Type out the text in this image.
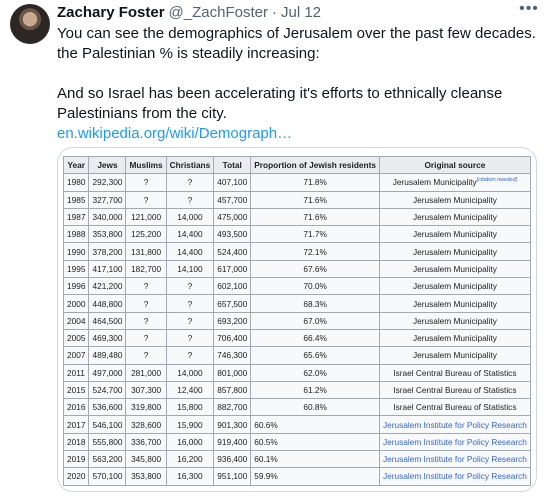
Zachary Foster @_ZachFoster · Jul 12	•••

You can see the demographics of Jerusalem over the past few decades.

the Palestinian % is steadily increasing:

And so Israel has been accelerating it's efforts to ethnically cleanse

Palestinians from the city.

en.wikipedia.org/wiki/Demograph…

Year	Jews	Muslims	Christians	Total	Proportion of Jewish residents	Original source
1980	292,300	?	?	407,100	71.8%	Jerusalem Municipality[citation needed]
1985	327,700	?	?	457,700	71.6%	Jerusalem Municipality
1987	340,000	121,000	14,000	475,000	71.6%	Jerusalem Municipality
1988	353,800	125,200	14,400	493,500	71.7%	Jerusalem Municipality
1990	378,200	131,800	14,400	524,400	72.1%	Jerusalem Municipality
1995	417,100	182,700	14,100	617,000	67.6%	Jerusalem Municipality
1996	421,200	?	?	602,100	70.0%	Jerusalem Municipality
2000	448,800	?	?	657,500	68.3%	Jerusalem Municipality
2004	464,500	?	?	693,200	67.0%	Jerusalem Municipality
2005	469,300	?	?	706,400	66.4%	Jerusalem Municipality
2007	489,480	?	?	746,300	65.6%	Jerusalem Municipality
2011	497,000	281,000	14,000	801,000	62.0%	Israel Central Bureau of Statistics
2015	524,700	307,300	12,400	857,800	61.2%	Israel Central Bureau of Statistics
2016	536,600	319,800	15,800	882,700	60.8%	Israel Central Bureau of Statistics
2017	546,100	328,600	15,900	901,300	60.6%	Jerusalem Institute for Policy Research
2018	555,800	336,700	16,000	919,400	60.5%	Jerusalem Institute for Policy Research
2019	563,200	345,800	16,200	936,400	60.1%	Jerusalem Institute for Policy Research
2020	570,100	353,800	16,300	951,100	59.9%	Jerusalem Institute for Policy Research
